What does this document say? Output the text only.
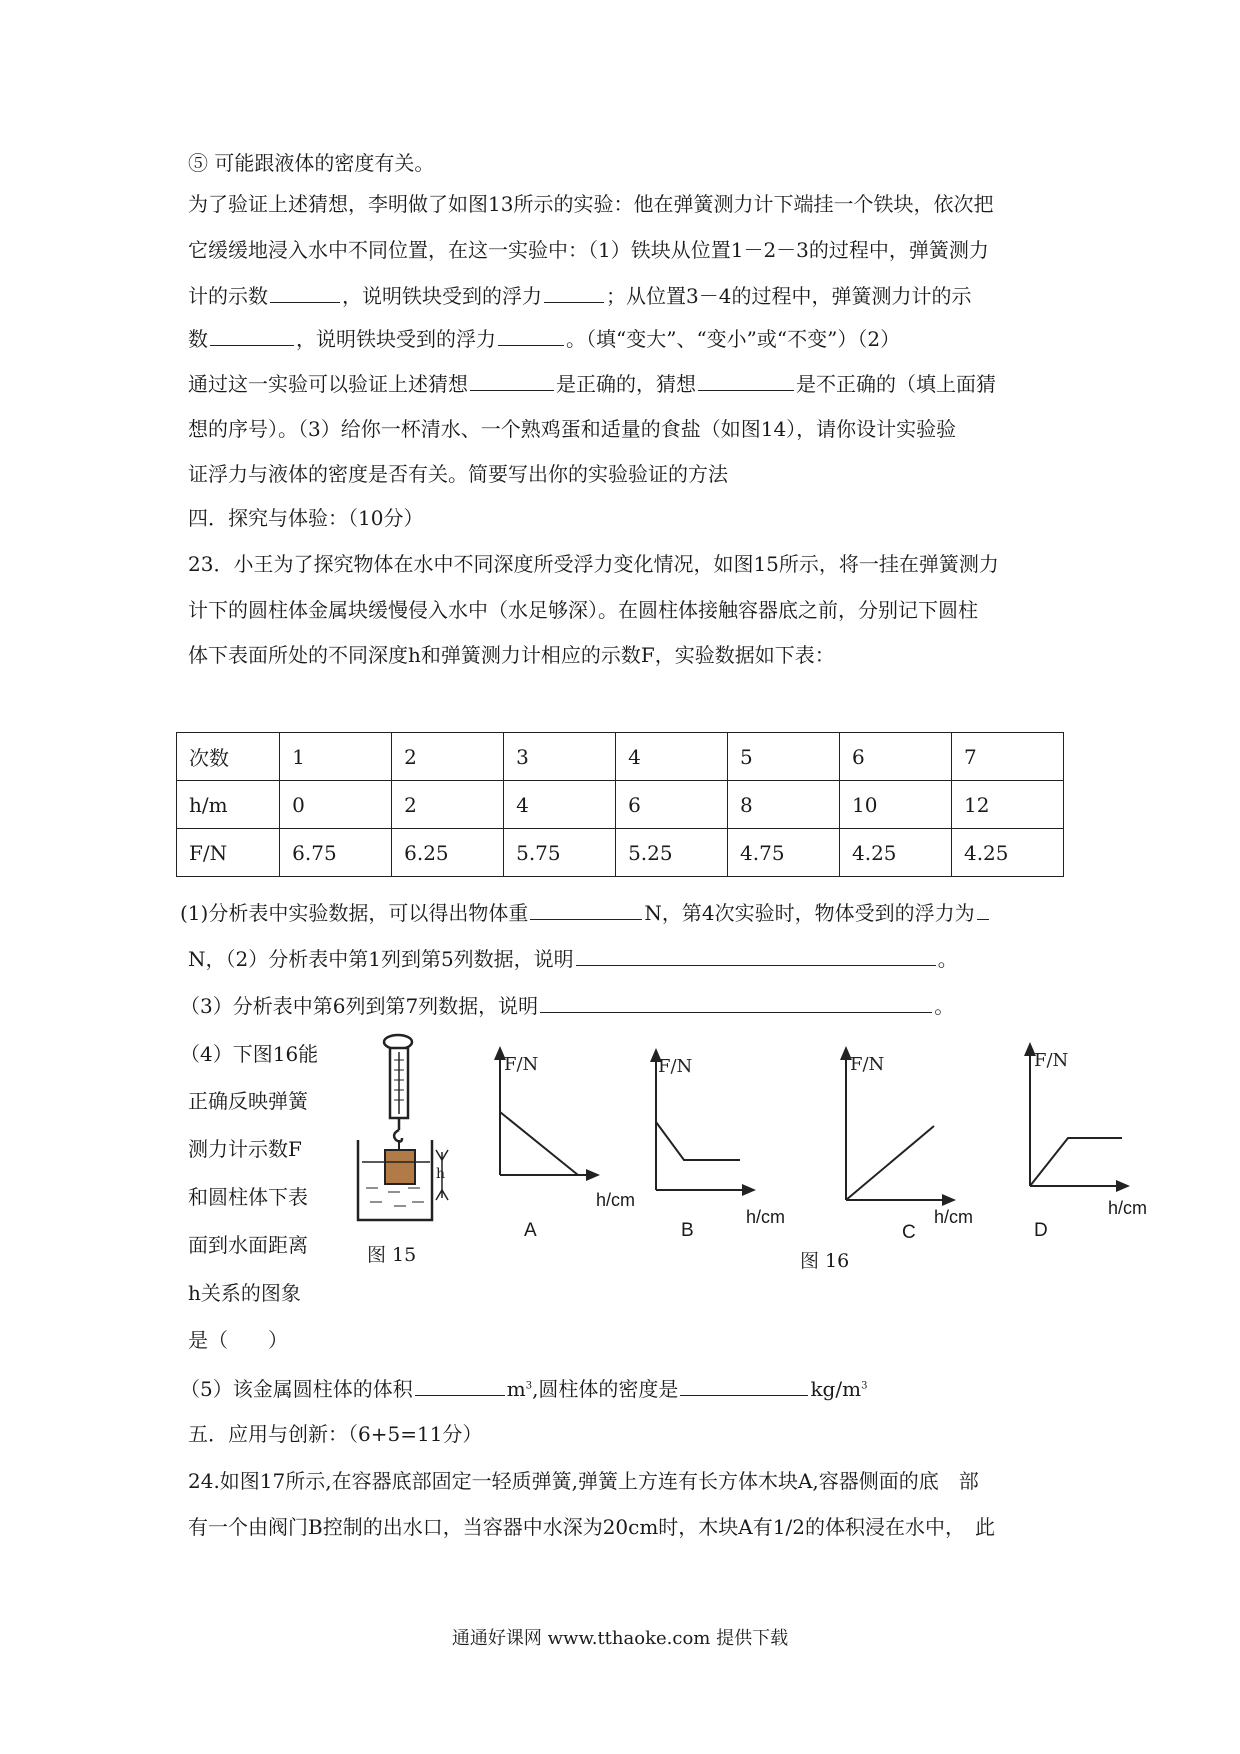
⑤ 可能跟液体的密度有关。
为了验证上述猜想，李明做了如图13所示的实验：他在弹簧测力计下端挂一个铁块，依次把
它缓缓地浸入水中不同位置，在这一实验中：（1）铁块从位置1－2－3的过程中，弹簧测力
计的示数	，说明铁块受到的浮力	；从位置3－4的过程中，弹簧测力计的示
数	，说明铁块受到的浮力	。（填“变大”、“变小”或“不变”）（2）
通过这一实验可以验证上述猜想	是正确的，猜想	是不正确的（填上面猜
想的序号）。（3）给你一杯清水、一个熟鸡蛋和适量的食盐（如图14），请你设计实验验
证浮力与液体的密度是否有关。简要写出你的实验验证的方法
四．探究与体验：（10分）
23．小王为了探究物体在水中不同深度所受浮力变化情况，如图15所示，将一挂在弹簧测力
计下的圆柱体金属块缓慢侵入水中（水足够深）。在圆柱体接触容器底之前，分别记下圆柱
体下表面所处的不同深度h和弹簧测力计相应的示数F，实验数据如下表：
次数	1	2	3	4	5	6	7
h/m	0	2	4	6	8	10	12
F/N	6.75	6.25	5.75	5.25	4.75	4.25	4.25
(1)分析表中实验数据，可以得出物体重	N，第4次实验时，物体受到的浮力为
N，（2）分析表中第1列到第5列数据，说明	。
（3）分析表中第6列到第7列数据，说明	。
（4）下图16能
正确反映弹簧
测力计示数F
和圆柱体下表
面到水面距离
h关系的图象
是（　　）
h
图 15
F/N
h/cm
A
F/N
h/cm
B
F/N
h/cm
C
F/N
h/cm
D
图 16
（5）该金属圆柱体的体积	$m^3$,圆柱体的密度是	$kg/m^3$
五．应用与创新：（6+5=11分）
24.如图17所示,在容器底部固定一轻质弹簧,弹簧上方连有长方体木块A,容器侧面的底　部
有一个由阀门B控制的出水口，当容器中水深为20cm时，木块A有1/2的体积浸在水中，　此
通通好课网 www.tthaoke.com 提供下载
